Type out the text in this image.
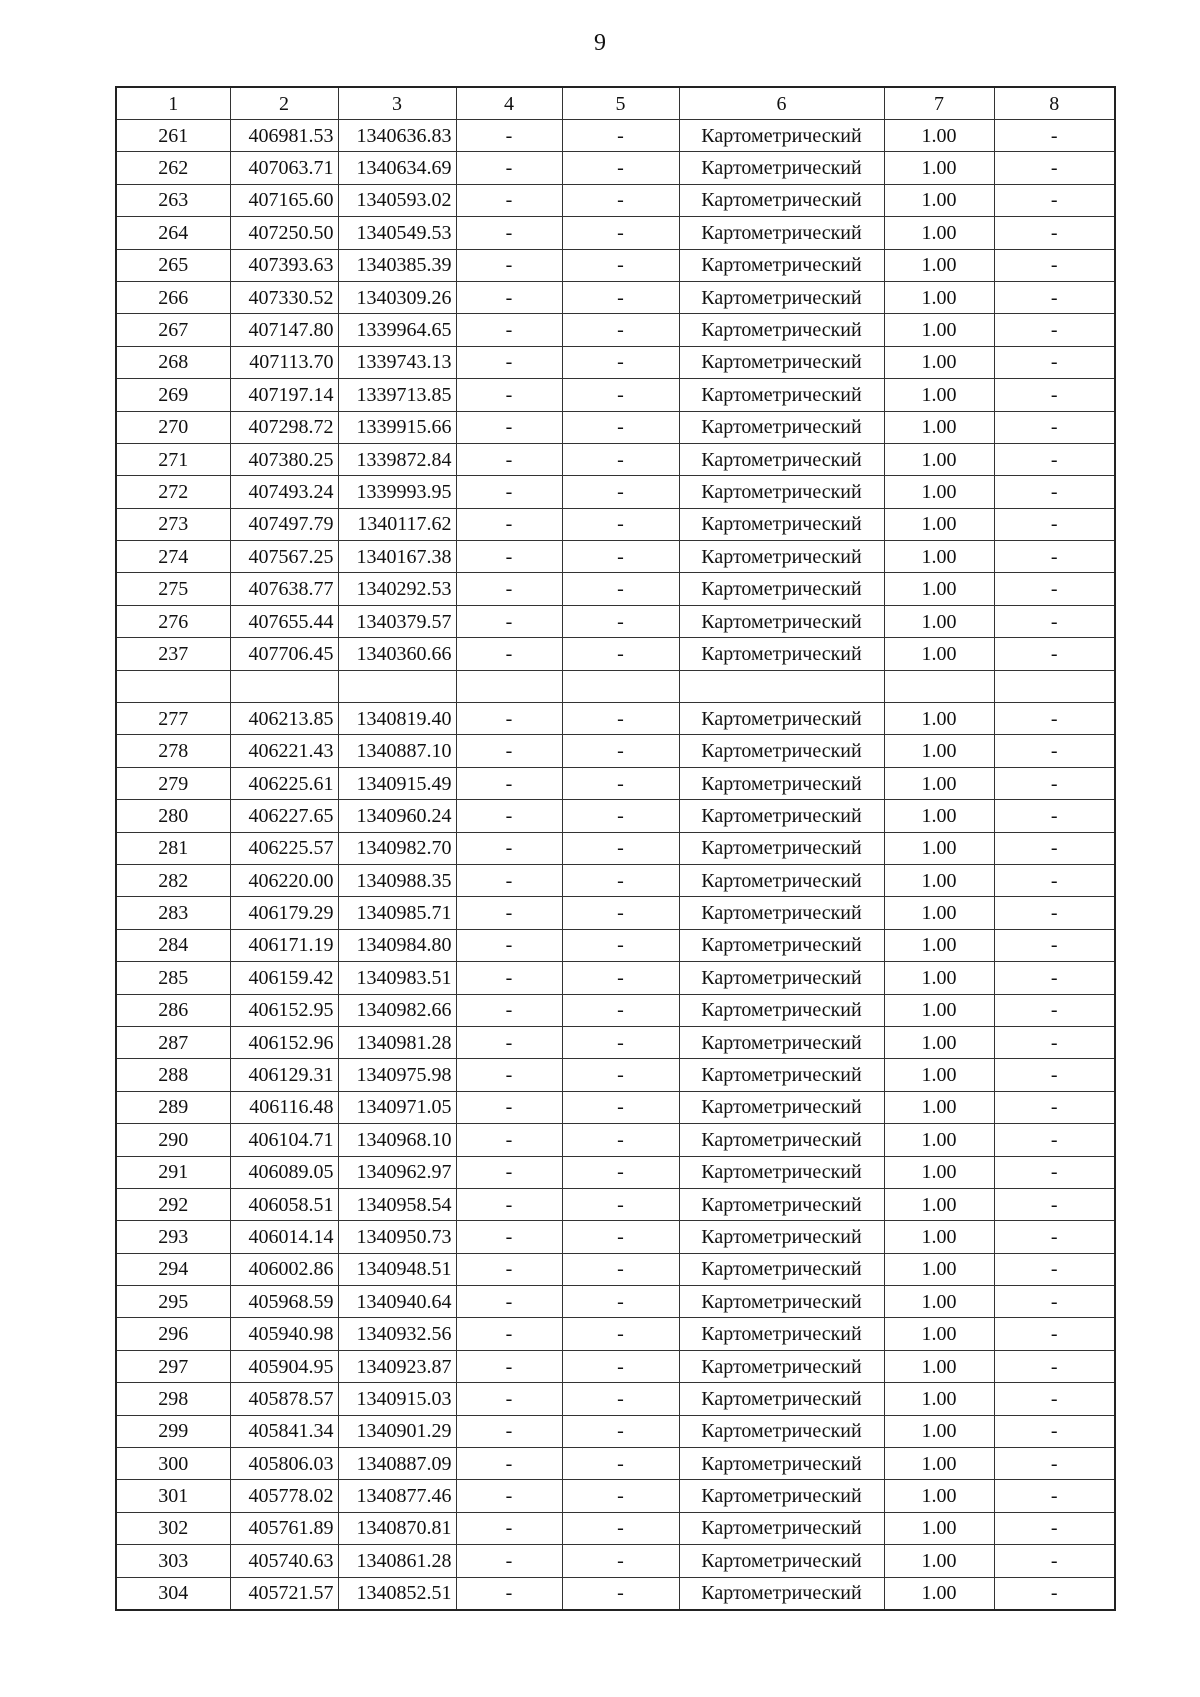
9
1	2	3	4	5	6	7	8
261	406981.53	1340636.83	-	-	Картометрический	1.00	-
262	407063.71	1340634.69	-	-	Картометрический	1.00	-
263	407165.60	1340593.02	-	-	Картометрический	1.00	-
264	407250.50	1340549.53	-	-	Картометрический	1.00	-
265	407393.63	1340385.39	-	-	Картометрический	1.00	-
266	407330.52	1340309.26	-	-	Картометрический	1.00	-
267	407147.80	1339964.65	-	-	Картометрический	1.00	-
268	407113.70	1339743.13	-	-	Картометрический	1.00	-
269	407197.14	1339713.85	-	-	Картометрический	1.00	-
270	407298.72	1339915.66	-	-	Картометрический	1.00	-
271	407380.25	1339872.84	-	-	Картометрический	1.00	-
272	407493.24	1339993.95	-	-	Картометрический	1.00	-
273	407497.79	1340117.62	-	-	Картометрический	1.00	-
274	407567.25	1340167.38	-	-	Картометрический	1.00	-
275	407638.77	1340292.53	-	-	Картометрический	1.00	-
276	407655.44	1340379.57	-	-	Картометрический	1.00	-
237	407706.45	1340360.66	-	-	Картометрический	1.00	-

277	406213.85	1340819.40	-	-	Картометрический	1.00	-
278	406221.43	1340887.10	-	-	Картометрический	1.00	-
279	406225.61	1340915.49	-	-	Картометрический	1.00	-
280	406227.65	1340960.24	-	-	Картометрический	1.00	-
281	406225.57	1340982.70	-	-	Картометрический	1.00	-
282	406220.00	1340988.35	-	-	Картометрический	1.00	-
283	406179.29	1340985.71	-	-	Картометрический	1.00	-
284	406171.19	1340984.80	-	-	Картометрический	1.00	-
285	406159.42	1340983.51	-	-	Картометрический	1.00	-
286	406152.95	1340982.66	-	-	Картометрический	1.00	-
287	406152.96	1340981.28	-	-	Картометрический	1.00	-
288	406129.31	1340975.98	-	-	Картометрический	1.00	-
289	406116.48	1340971.05	-	-	Картометрический	1.00	-
290	406104.71	1340968.10	-	-	Картометрический	1.00	-
291	406089.05	1340962.97	-	-	Картометрический	1.00	-
292	406058.51	1340958.54	-	-	Картометрический	1.00	-
293	406014.14	1340950.73	-	-	Картометрический	1.00	-
294	406002.86	1340948.51	-	-	Картометрический	1.00	-
295	405968.59	1340940.64	-	-	Картометрический	1.00	-
296	405940.98	1340932.56	-	-	Картометрический	1.00	-
297	405904.95	1340923.87	-	-	Картометрический	1.00	-
298	405878.57	1340915.03	-	-	Картометрический	1.00	-
299	405841.34	1340901.29	-	-	Картометрический	1.00	-
300	405806.03	1340887.09	-	-	Картометрический	1.00	-
301	405778.02	1340877.46	-	-	Картометрический	1.00	-
302	405761.89	1340870.81	-	-	Картометрический	1.00	-
303	405740.63	1340861.28	-	-	Картометрический	1.00	-
304	405721.57	1340852.51	-	-	Картометрический	1.00	-
